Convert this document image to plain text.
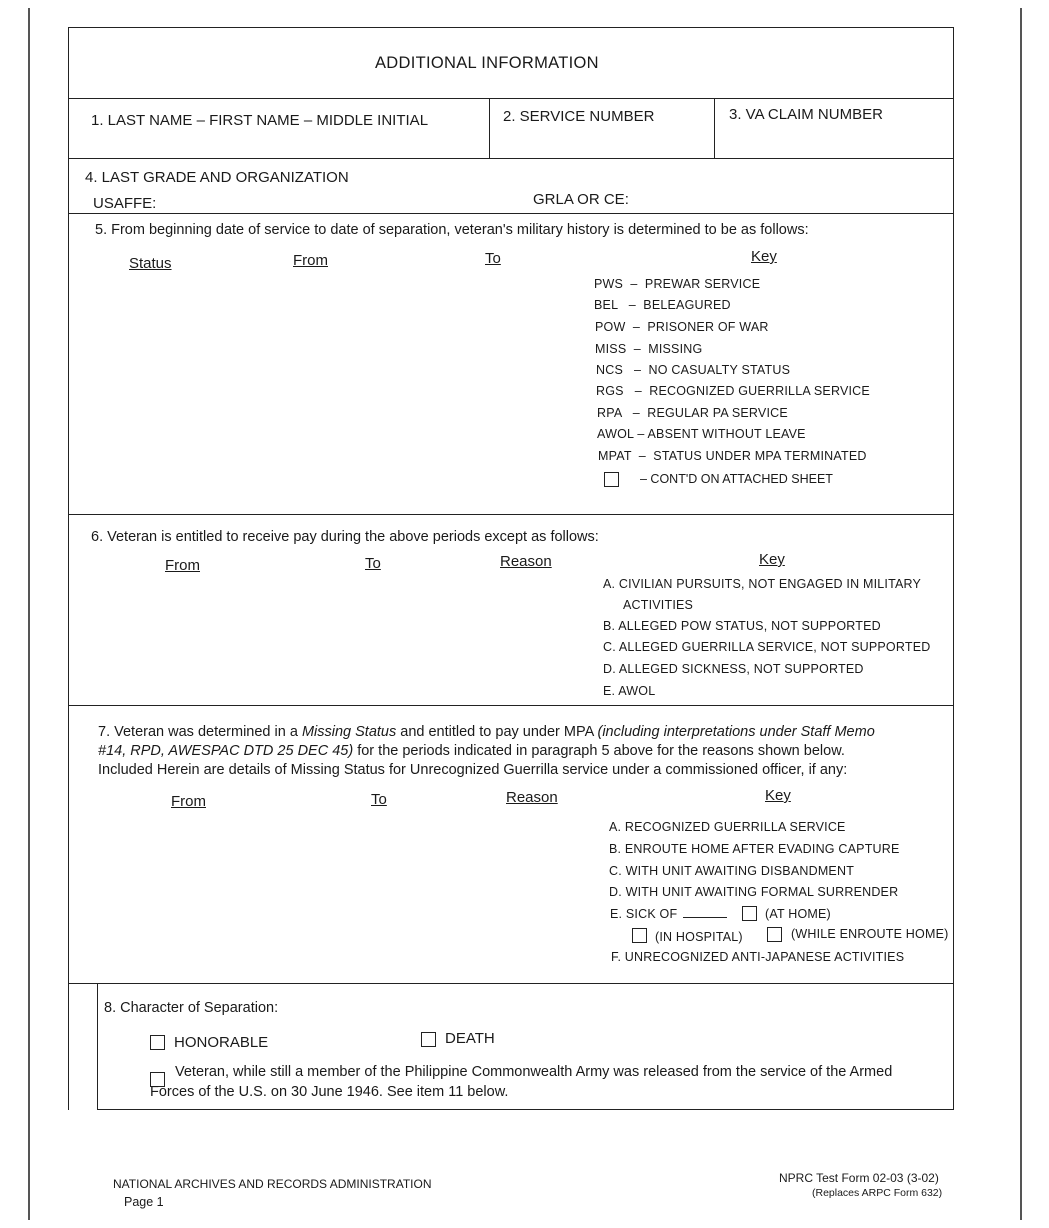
ADDITIONAL INFORMATION
1. LAST NAME – FIRST NAME – MIDDLE INITIAL	2. SERVICE NUMBER	3. VA CLAIM NUMBER
4. LAST GRADE AND ORGANIZATION
USAFFE:	GRLA OR CE:
5. From beginning date of service to date of separation, veteran's military history is determined to be as follows:
Status	From	To	Key
PWS  –  PREWAR SERVICE
BEL   –  BELEAGURED
POW  –  PRISONER OF WAR
MISS  –  MISSING
NCS   –  NO CASUALTY STATUS
RGS   –  RECOGNIZED GUERRILLA SERVICE
RPA   –  REGULAR PA SERVICE
AWOL – ABSENT WITHOUT LEAVE
MPAT  –  STATUS UNDER MPA TERMINATED
– CONT'D ON ATTACHED SHEET
6. Veteran is entitled to receive pay during the above periods except as follows:
From	To	Reason	Key
A. CIVILIAN PURSUITS, NOT ENGAGED IN MILITARY
ACTIVITIES
B. ALLEGED POW STATUS, NOT SUPPORTED
C. ALLEGED GUERRILLA SERVICE, NOT SUPPORTED
D. ALLEGED SICKNESS, NOT SUPPORTED
E. AWOL
7. Veteran was determined in a Missing Status and entitled to pay under MPA (including interpretations under Staff Memo
#14, RPD, AWESPAC DTD 25 DEC 45) for the periods indicated in paragraph 5 above for the reasons shown below.
Included Herein are details of Missing Status for Unrecognized Guerrilla service under a commissioned officer, if any:
From	To	Reason	Key
A. RECOGNIZED GUERRILLA SERVICE
B. ENROUTE HOME AFTER EVADING CAPTURE
C. WITH UNIT AWAITING DISBANDMENT
D. WITH UNIT AWAITING FORMAL SURRENDER
E. SICK OF	(AT HOME)
(IN HOSPITAL)	(WHILE ENROUTE HOME)
F. UNRECOGNIZED ANTI-JAPANESE ACTIVITIES
8. Character of Separation:
HONORABLE	DEATH
Veteran, while still a member of the Philippine Commonwealth Army was released from the service of the Armed
Forces of the U.S. on 30 June 1946. See item 11 below.
NATIONAL ARCHIVES AND RECORDS ADMINISTRATION
Page 1
NPRC Test Form 02-03 (3-02)
(Replaces ARPC Form 632)
